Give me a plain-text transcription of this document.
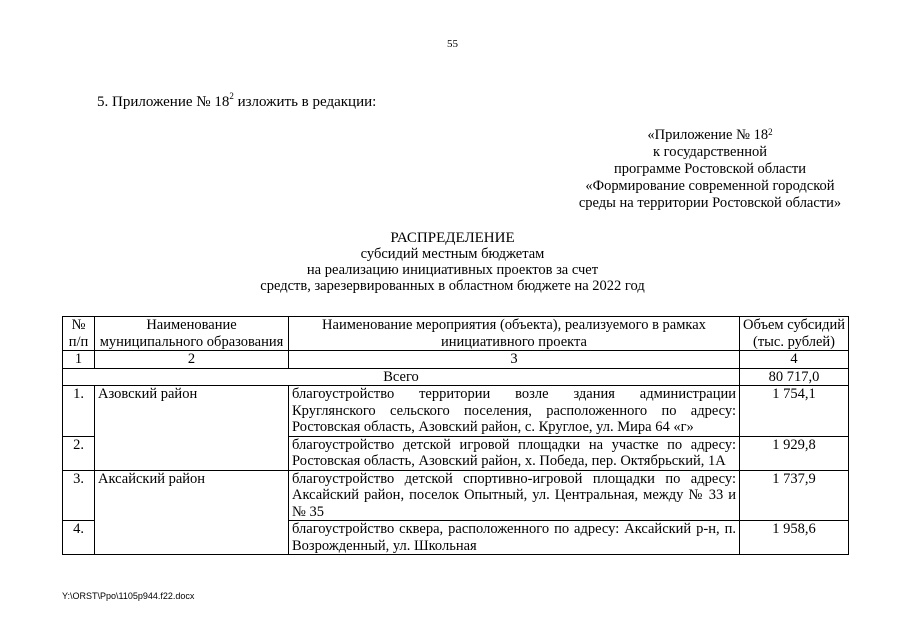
55
5. Приложение № $18^2$ изложить в редакции:
«Приложение № $18^2$
к государственной
программе Ростовской области
«Формирование современной городской
среды на территории Ростовской области»
РАСПРЕДЕЛЕНИЕ
субсидий местным бюджетам
на реализацию инициативных проектов за счет
средств, зарезервированных в областном бюджете на 2022 год
№ п/п	Наименование муниципального образования	Наименование мероприятия (объекта), реализуемого в рамках инициативного проекта	Объем субсидий (тыс. рублей)
1	2	3	4
Всего			80 717,0
1.	Азовский район	благоустройство территории возле здания администрации Круглянского сельского поселения, расположенного по адресу: Ростовская область, Азовский район, с. Круглое, ул. Мира 64 «г»	1 754,1
2.		благоустройство детской игровой площадки на участке по адресу: Ростовская область, Азовский район, х. Победа, пер. Октябрьский, 1А	1 929,8
3.	Аксайский район	благоустройство детской спортивно-игровой площадки по адресу: Аксайский район, поселок Опытный, ул. Центральная, между № 33 и № 35	1 737,9
4.		благоустройство сквера, расположенного по адресу: Аксайский р-н, п. Возрожденный, ул. Школьная	1 958,6
Y:\ORST\Ppo\1105p944.f22.docx
